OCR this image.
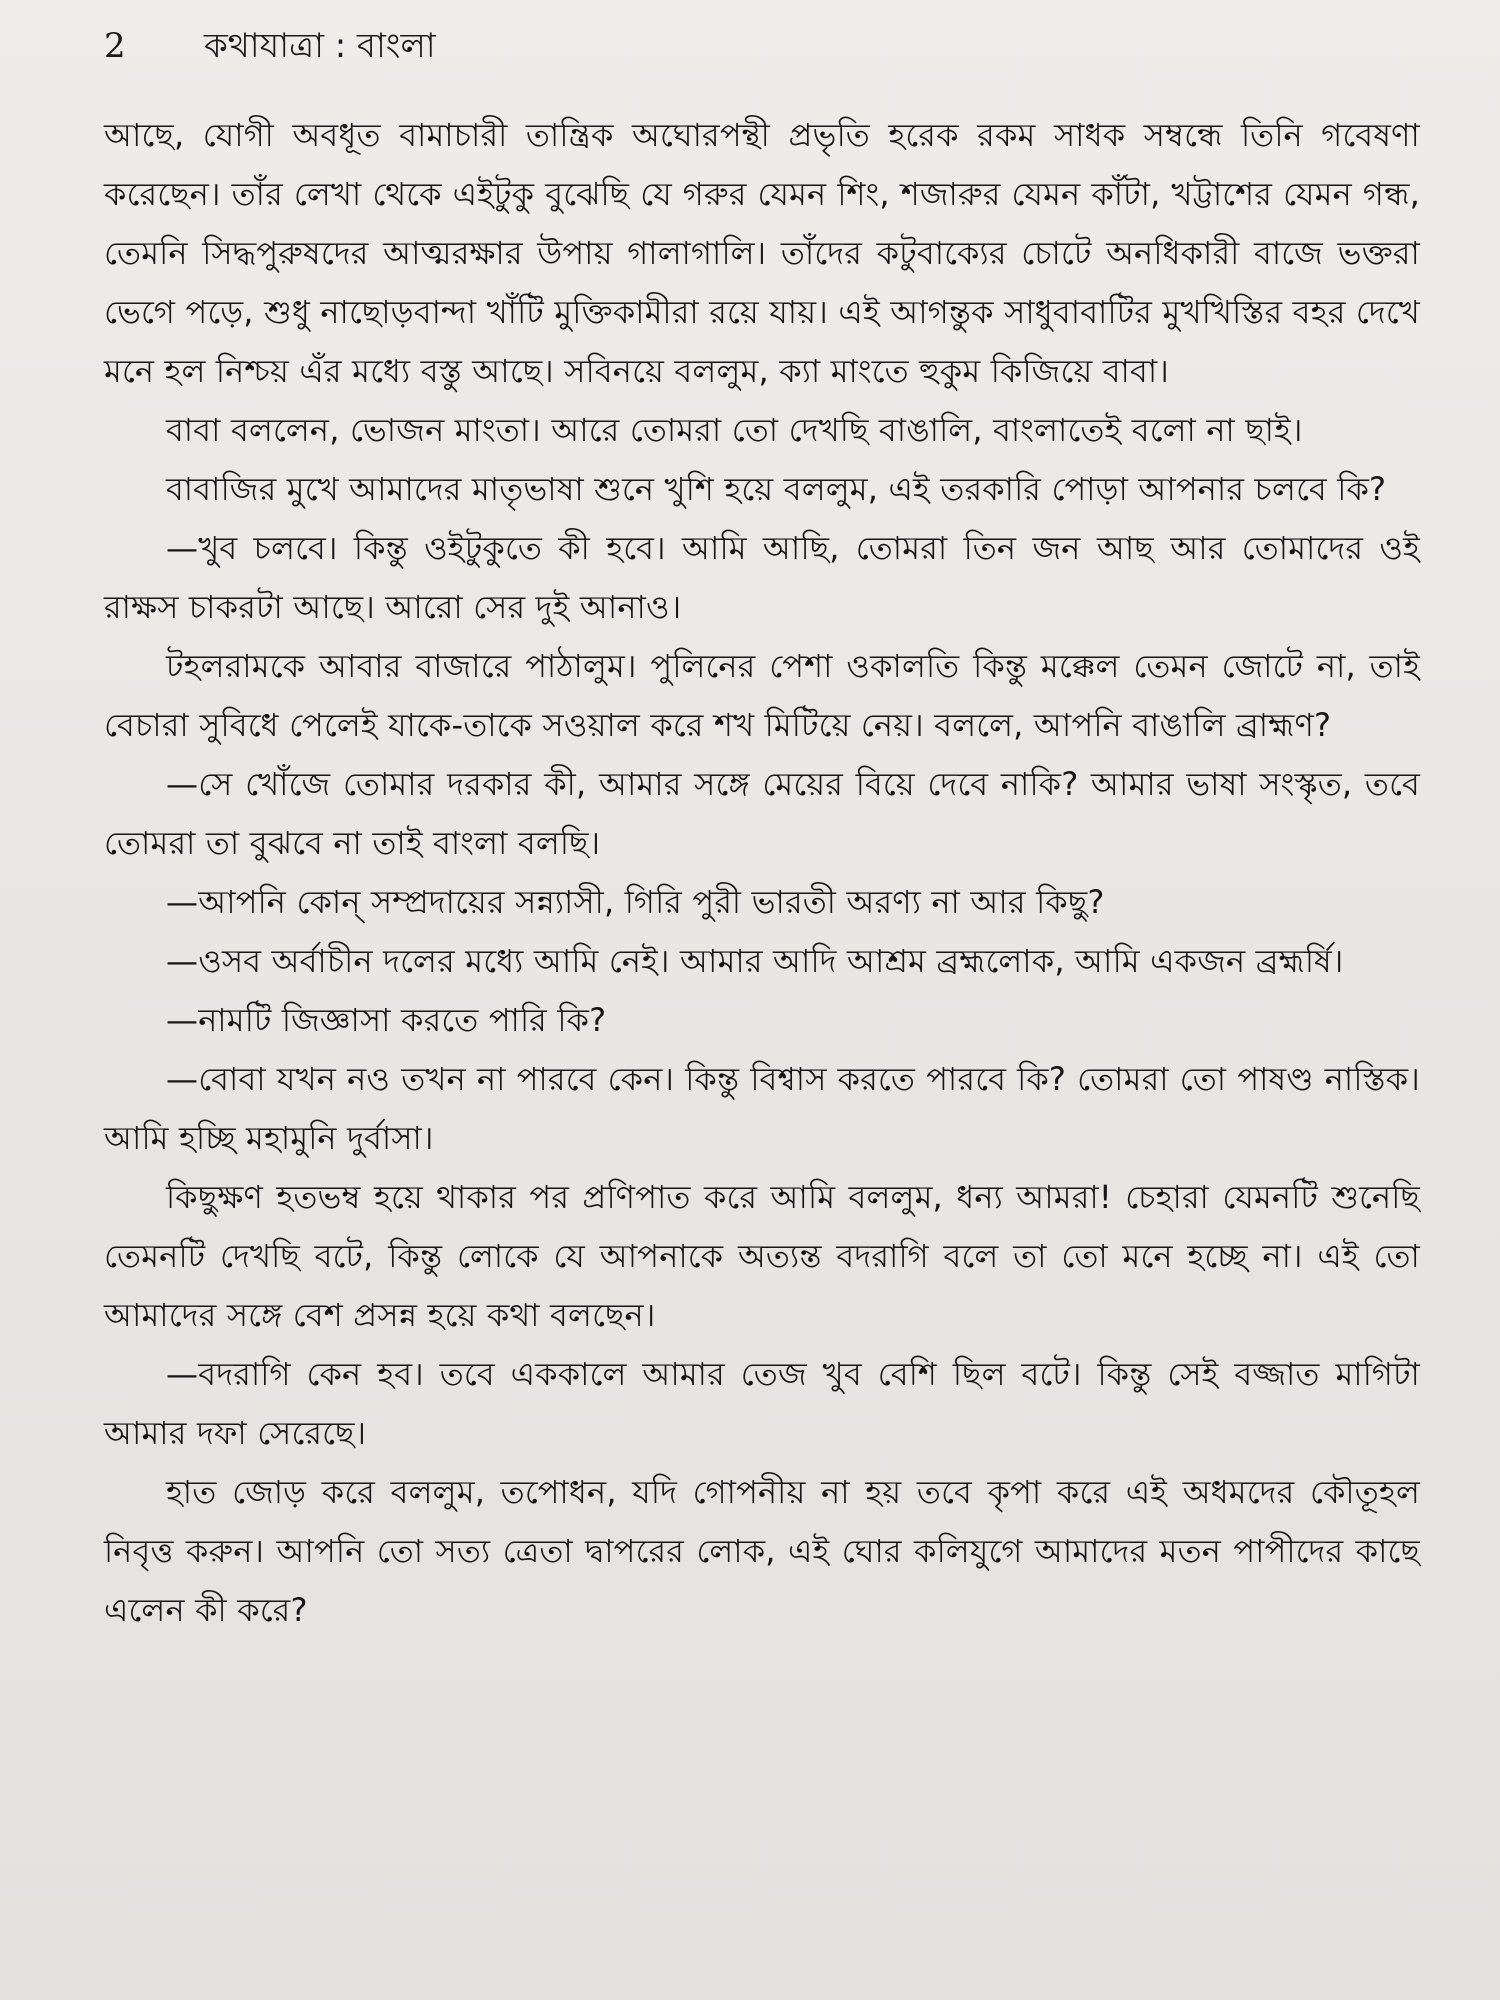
2 কথাযাত্রা : বাংলা

আছে, যোগী অবধূত বামাচারী তান্ত্রিক অঘোরপন্থী প্রভৃতি হরেক রকম সাধক সম্বন্ধে তিনি গবেষণা করেছেন। তাঁর লেখা থেকে এইটুকু বুঝেছি যে গরুর যেমন শিং, শজারুর যেমন কাঁটা, খট্টাশের যেমন গন্ধ, তেমনি সিদ্ধপুরুষদের আত্মরক্ষার উপায় গালাগালি। তাঁদের কটুবাক্যের চোটে অনধিকারী বাজে ভক্তরা ভেগে পড়ে, শুধু নাছোড়বান্দা খাঁটি মুক্তিকামীরা রয়ে যায়। এই আগন্তুক সাধুবাবাটির মুখখিস্তির বহর দেখে মনে হল নিশ্চয় এঁর মধ্যে বস্তু আছে। সবিনয়ে বললুম, ক্যা মাংতে হুকুম কিজিয়ে বাবা।

বাবা বললেন, ভোজন মাংতা। আরে তোমরা তো দেখছি বাঙালি, বাংলাতেই বলো না ছাই।

বাবাজির মুখে আমাদের মাতৃভাষা শুনে খুশি হয়ে বললুম, এই তরকারি পোড়া আপনার চলবে কি?

—খুব চলবে। কিন্তু ওইটুকুতে কী হবে। আমি আছি, তোমরা তিন জন আছ আর তোমাদের ওই রাক্ষস চাকরটা আছে। আরো সের দুই আনাও।

টহলরামকে আবার বাজারে পাঠালুম। পুলিনের পেশা ওকালতি কিন্তু মক্কেল তেমন জোটে না, তাই বেচারা সুবিধে পেলেই যাকে-তাকে সওয়াল করে শখ মিটিয়ে নেয়। বললে, আপনি বাঙালি ব্রাহ্মণ?

—সে খোঁজে তোমার দরকার কী, আমার সঙ্গে মেয়ের বিয়ে দেবে নাকি? আমার ভাষা সংস্কৃত, তবে তোমরা তা বুঝবে না তাই বাংলা বলছি।

—আপনি কোন্ সম্প্রদায়ের সন্ন্যাসী, গিরি পুরী ভারতী অরণ্য না আর কিছু?

—ওসব অর্বাচীন দলের মধ্যে আমি নেই। আমার আদি আশ্রম ব্রহ্মলোক, আমি একজন ব্রহ্মর্ষি।

—নামটি জিজ্ঞাসা করতে পারি কি?

—বোবা যখন নও তখন না পারবে কেন। কিন্তু বিশ্বাস করতে পারবে কি? তোমরা তো পাষণ্ড নাস্তিক। আমি হচ্ছি মহামুনি দুর্বাসা।

কিছুক্ষণ হতভম্ব হয়ে থাকার পর প্রণিপাত করে আমি বললুম, ধন্য আমরা! চেহারা যেমনটি শুনেছি তেমনটি দেখছি বটে, কিন্তু লোকে যে আপনাকে অত্যন্ত বদরাগি বলে তা তো মনে হচ্ছে না। এই তো আমাদের সঙ্গে বেশ প্রসন্ন হয়ে কথা বলছেন।

—বদরাগি কেন হব। তবে এককালে আমার তেজ খুব বেশি ছিল বটে। কিন্তু সেই বজ্জাত মাগিটা আমার দফা সেরেছে।

হাত জোড় করে বললুম, তপোধন, যদি গোপনীয় না হয় তবে কৃপা করে এই অধমদের কৌতূহল নিবৃত্ত করুন। আপনি তো সত্য ত্রেতা দ্বাপরের লোক, এই ঘোর কলিযুগে আমাদের মতন পাপীদের কাছে এলেন কী করে?
